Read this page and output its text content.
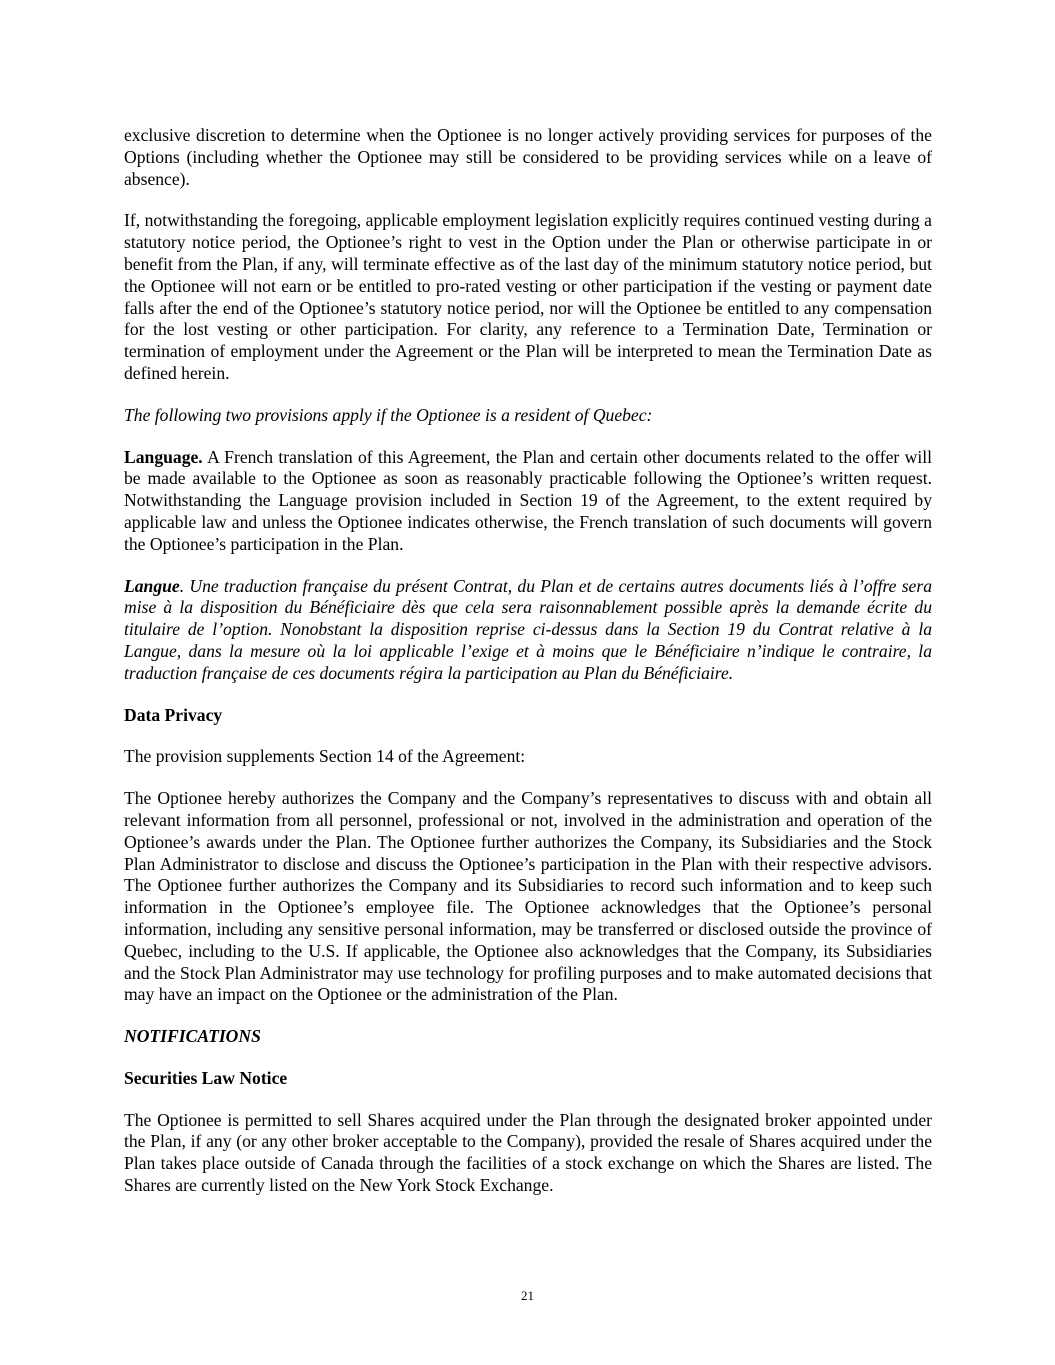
exclusive discretion to determine when the Optionee is no longer actively providing services for purposes of the Options (including whether the Optionee may still be considered to be providing services while on a leave of absence).

If, notwithstanding the foregoing, applicable employment legislation explicitly requires continued vesting during a statutory notice period, the Optionee’s right to vest in the Option under the Plan or otherwise participate in or benefit from the Plan, if any, will terminate effective as of the last day of the minimum statutory notice period, but the Optionee will not earn or be entitled to pro-rated vesting or other participation if the vesting or payment date falls after the end of the Optionee’s statutory notice period, nor will the Optionee be entitled to any compensation for the lost vesting or other participation. For clarity, any reference to a Termination Date, Termination or termination of employment under the Agreement or the Plan will be interpreted to mean the Termination Date as defined herein.

The following two provisions apply if the Optionee is a resident of Quebec:

Language. A French translation of this Agreement, the Plan and certain other documents related to the offer will be made available to the Optionee as soon as reasonably practicable following the Optionee’s written request. Notwithstanding the Language provision included in Section 19 of the Agreement, to the extent required by applicable law and unless the Optionee indicates otherwise, the French translation of such documents will govern the Optionee’s participation in the Plan.

Langue. Une traduction française du présent Contrat, du Plan et de certains autres documents liés à l’offre sera mise à la disposition du Bénéficiaire dès que cela sera raisonnablement possible après la demande écrite du titulaire de l’option. Nonobstant la disposition reprise ci-dessus dans la Section 19 du Contrat relative à la Langue, dans la mesure où la loi applicable l’exige et à moins que le Bénéficiaire n’indique le contraire, la traduction française de ces documents régira la participation au Plan du Bénéficiaire.

Data Privacy

The provision supplements Section 14 of the Agreement:

The Optionee hereby authorizes the Company and the Company’s representatives to discuss with and obtain all relevant information from all personnel, professional or not, involved in the administration and operation of the Optionee’s awards under the Plan. The Optionee further authorizes the Company, its Subsidiaries and the Stock Plan Administrator to disclose and discuss the Optionee’s participation in the Plan with their respective advisors. The Optionee further authorizes the Company and its Subsidiaries to record such information and to keep such information in the Optionee’s employee file. The Optionee acknowledges that the Optionee’s personal information, including any sensitive personal information, may be transferred or disclosed outside the province of Quebec, including to the U.S. If applicable, the Optionee also acknowledges that the Company, its Subsidiaries and the Stock Plan Administrator may use technology for profiling purposes and to make automated decisions that may have an impact on the Optionee or the administration of the Plan.

NOTIFICATIONS

Securities Law Notice

The Optionee is permitted to sell Shares acquired under the Plan through the designated broker appointed under the Plan, if any (or any other broker acceptable to the Company), provided the resale of Shares acquired under the Plan takes place outside of Canada through the facilities of a stock exchange on which the Shares are listed. The Shares are currently listed on the New York Stock Exchange.

21
